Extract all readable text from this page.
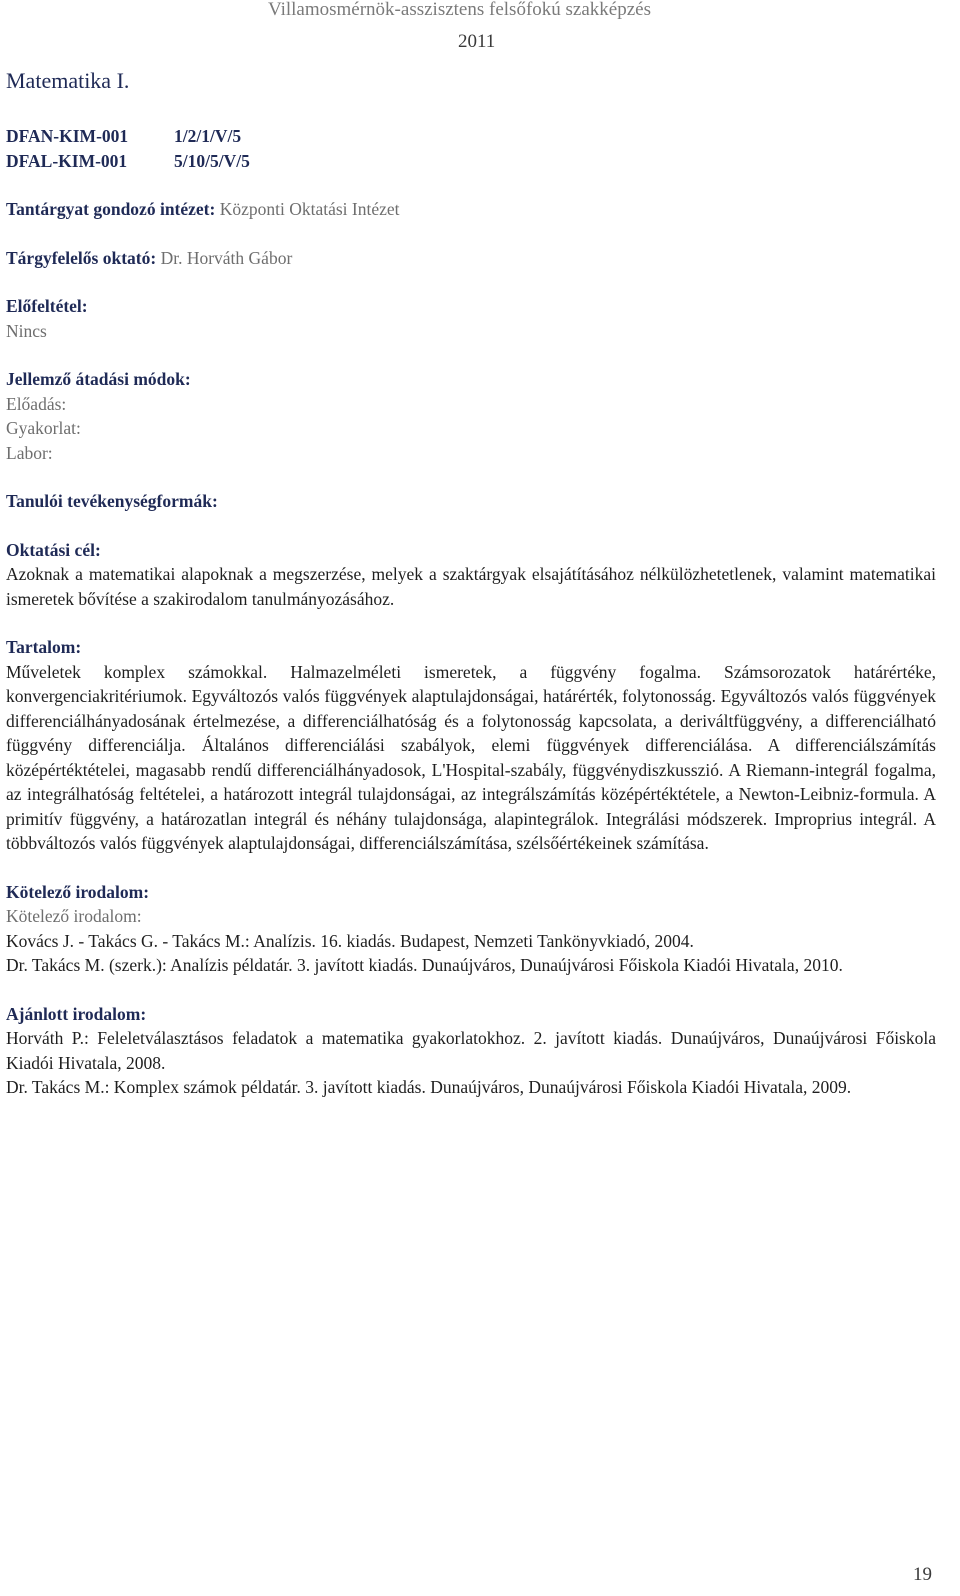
Villamosmérnök-asszisztens felsőfokú szakképzés
2011
Matematika I.
DFAN-KIM-001	1/2/1/V/5
DFAL-KIM-001	5/10/5/V/5
Tantárgyat gondozó intézet: Központi Oktatási Intézet
Tárgyfelelős oktató: Dr. Horváth Gábor
Előfeltétel:
Nincs
Jellemző átadási módok:
Előadás:
Gyakorlat:
Labor:
Tanulói tevékenységformák:
Oktatási cél:
Azoknak a matematikai alapoknak a megszerzése, melyek a szaktárgyak elsajátításához nélkülözhetetlenek, valamint matematikai ismeretek bővítése a szakirodalom tanulmányozásához.
Tartalom:
Műveletek komplex számokkal. Halmazelméleti ismeretek, a függvény fogalma. Számsorozatok határértéke, konvergenciakritériumok. Egyváltozós valós függvények alaptulajdonságai, határérték, folytonosság. Egyváltozós valós függvények differenciálhányadosának értelmezése, a differenciálhatóság és a folytonosság kapcsolata, a deriváltfüggvény, a differenciálható függvény differenciálja. Általános differenciálási szabályok, elemi függvények differenciálása. A differenciálszámítás középértéktételei, magasabb rendű differenciálhányadosok, L'Hospital-szabály, függvénydiszkusszió. A Riemann-integrál fogalma, az integrálhatóság feltételei, a határozott integrál tulajdonságai, az integrálszámítás középértéktétele, a Newton-Leibniz-formula. A primitív függvény, a határozatlan integrál és néhány tulajdonsága, alapintegrálok. Integrálási módszerek. Improprius integrál. A többváltozós valós függvények alaptulajdonságai, differenciálszámítása, szélsőértékeinek számítása.
Kötelező irodalom:
Kötelező irodalom:
Kovács J. - Takács G. - Takács M.: Analízis. 16. kiadás. Budapest, Nemzeti Tankönyvkiadó, 2004.
Dr. Takács M. (szerk.): Analízis példatár. 3. javított kiadás. Dunaújváros, Dunaújvárosi Főiskola Kiadói Hivatala, 2010.
Ajánlott irodalom:
Horváth P.: Feleletválasztásos feladatok a matematika gyakorlatokhoz. 2. javított kiadás. Dunaújváros, Dunaújvárosi Főiskola Kiadói Hivatala, 2008.
Dr. Takács M.: Komplex számok példatár. 3. javított kiadás. Dunaújváros, Dunaújvárosi Főiskola Kiadói Hivatala, 2009.
19
